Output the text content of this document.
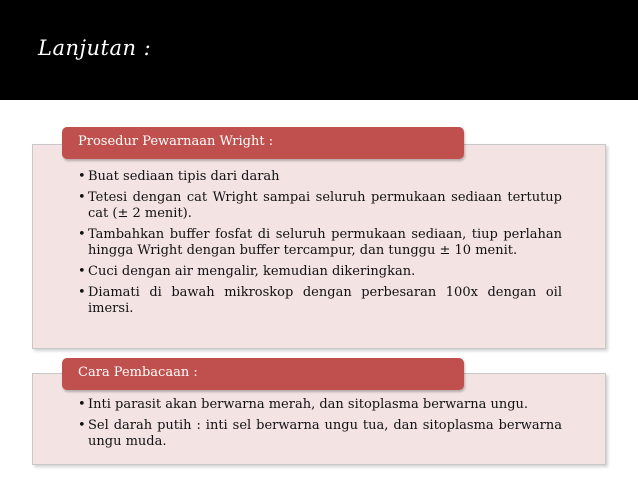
Lanjutan :
Prosedur Pewarnaan Wright :
• Buat sediaan tipis dari darah
• Tetesi dengan cat Wright sampai seluruh permukaan sediaan tertutup cat (± 2 menit).
• Tambahkan buffer fosfat di seluruh permukaan sediaan, tiup perlahan hingga Wright dengan buffer tercampur, dan tunggu ± 10 menit.
• Cuci dengan air mengalir, kemudian dikeringkan.
• Diamati di bawah mikroskop dengan perbesaran 100x dengan oil imersi.
Cara Pembacaan :
• Inti parasit akan berwarna merah, dan sitoplasma berwarna ungu.
• Sel darah putih : inti sel berwarna ungu tua, dan sitoplasma berwarna ungu muda.
